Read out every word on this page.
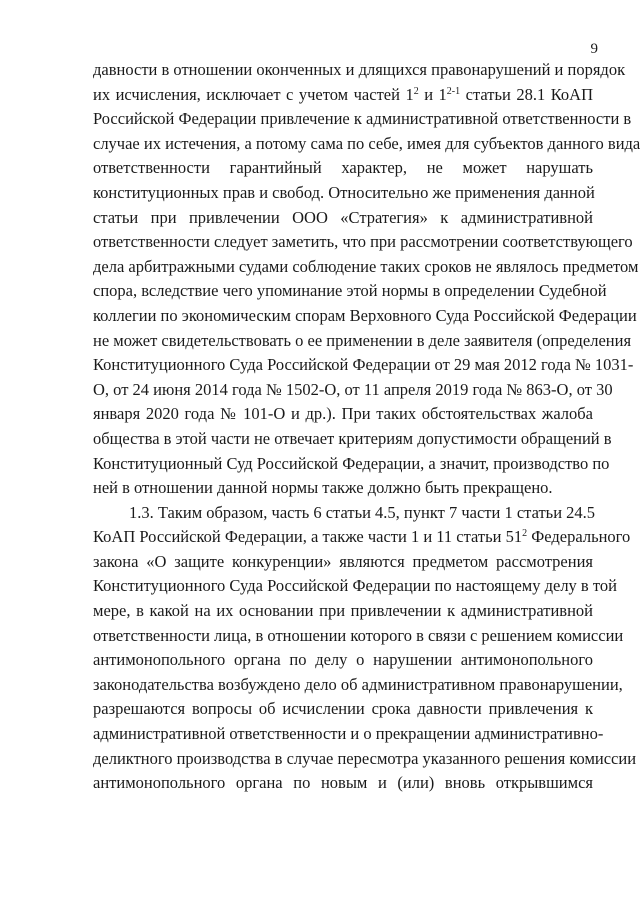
9
давности в отношении оконченных и длящихся правонарушений и порядок
их исчисления, исключает с учетом частей $1^2$ и 1$^{2-1}$ статьи 28.1 КоАП
Российской Федерации привлечение к административной ответственности в
случае их истечения, а потому сама по себе, имея для субъектов данного вида
ответственности гарантийный характер, не может нарушать
конституционных прав и свобод. Относительно же применения данной
статьи при привлечении ООО «Стратегия» к административной
ответственности следует заметить, что при рассмотрении соответствующего
дела арбитражными судами соблюдение таких сроков не являлось предметом
спора, вследствие чего упоминание этой нормы в определении Судебной
коллегии по экономическим спорам Верховного Суда Российской Федерации
не может свидетельствовать о ее применении в деле заявителя (определения
Конституционного Суда Российской Федерации от 29 мая 2012 года № 1031-
О, от 24 июня 2014 года № 1502-О, от 11 апреля 2019 года № 863-О, от 30
января 2020 года № 101-О и др.). При таких обстоятельствах жалоба
общества в этой части не отвечает критериям допустимости обращений в
Конституционный Суд Российской Федерации, а значит, производство по
ней в отношении данной нормы также должно быть прекращено.
1.3. Таким образом, часть 6 статьи 4.5, пункт 7 части 1 статьи 24.5
КоАП Российской Федерации, а также части 1 и 11 статьи $51^2$ Федерального
закона «О защите конкуренции» являются предметом рассмотрения
Конституционного Суда Российской Федерации по настоящему делу в той
мере, в какой на их основании при привлечении к административной
ответственности лица, в отношении которого в связи с решением комиссии
антимонопольного органа по делу о нарушении антимонопольного
законодательства возбуждено дело об административном правонарушении,
разрешаются вопросы об исчислении срока давности привлечения к
административной ответственности и о прекращении административно-
деликтного производства в случае пересмотра указанного решения комиссии
антимонопольного органа по новым и (или) вновь открывшимся
